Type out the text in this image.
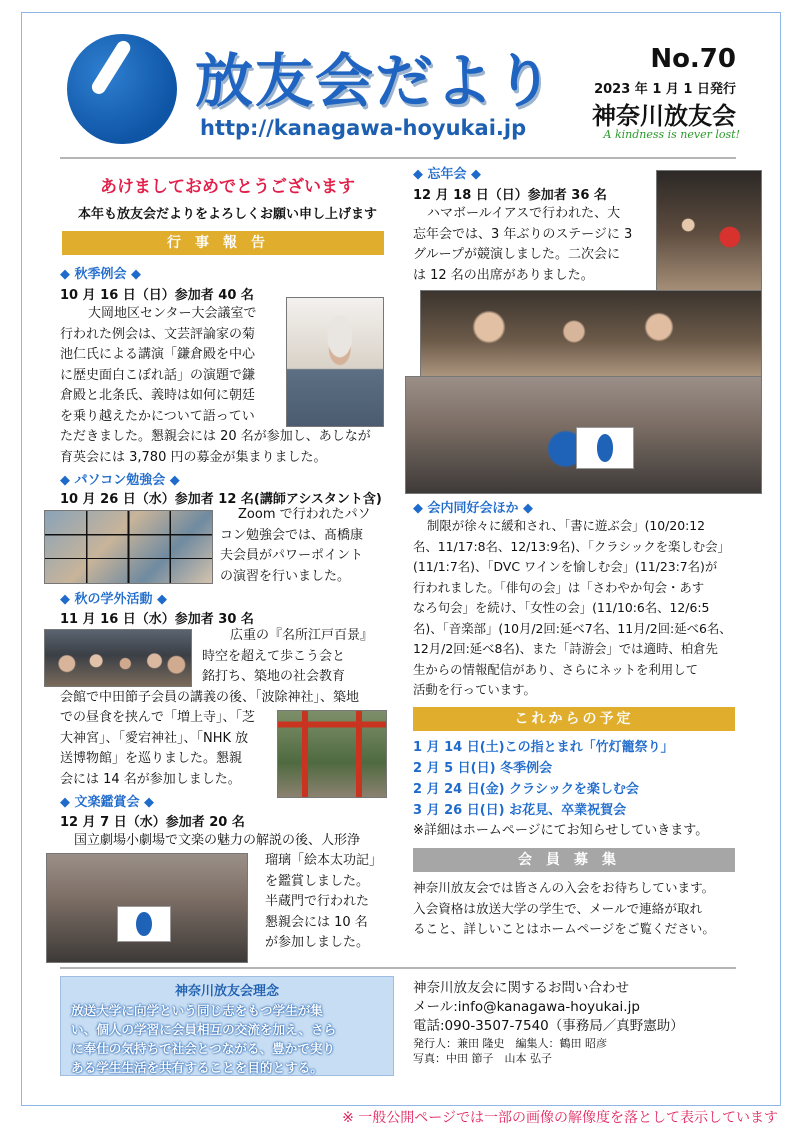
放友会だより
http://kanagawa-hoyukai.jp
No.70
2023 年 1 月 1 日発行
神奈川放友会
A kindness is never lost!
あけましておめでとうございます
本年も放友会だよりをよろしくお願い申し上げます
行事報告
◆ 秋季例会 ◆
10 月 16 日（日）参加者 40 名
大岡地区センター大会議室で
行われた例会は、文芸評論家の菊
池仁氏による講演「鎌倉殿を中心
に歴史面白こぼれ話」の演題で鎌
倉殿と北条氏、義時は如何に朝廷
を乗り越えたかについて語ってい
ただきました。懇親会には 20 名が参加し、あしなが
育英会には 3,780 円の募金が集まりました。
◆ パソコン勉強会 ◆
10 月 26 日（水）参加者 12 名(講師アシスタント含)
Zoom で行われたパソ
コン勉強会では、髙橋康
夫会員がパワーポイント
の演習を行いました。
◆ 秋の学外活動 ◆
11 月 16 日（水）参加者 30 名
広重の『名所江戸百景』
時空を超えて歩こう会と
銘打ち、築地の社会教育
会館で中田節子会員の講義の後、「波除神社」、築地
での昼食を挟んで「増上寺」、「芝
大神宮」、「愛宕神社」、「NHK 放
送博物館」を巡りました。懇親
会には 14 名が参加しました。
◆ 文楽鑑賞会 ◆
12 月 7 日（水）参加者 20 名
国立劇場小劇場で文楽の魅力の解説の後、人形浄
瑠璃「絵本太功記」
を鑑賞しました。
半蔵門で行われた
懇親会には 10 名
が参加しました。
◆ 忘年会 ◆
12 月 18 日（日）参加者 36 名
ハマボールイアスで行われた、大
忘年会では、3 年ぶりのステージに 3
グループが競演しました。二次会に
は 12 名の出席がありました。
◆ 会内同好会ほか ◆
制限が徐々に緩和され、「書に遊ぶ会」(10/20:12
名、11/17:8名、12/13:9名)、「クラシックを楽しむ会」
(11/1:7名)、「DVC ワインを愉しむ会」(11/23:7名)が
行われました。「俳句の会」は「さわやか句会・あす
なろ句会」を続け、「女性の会」(11/10:6名、12/6:5
名)、「音楽部」(10月/2回:延べ7名、11月/2回:延べ6名、
12月/2回:延べ8名)、また「詩游会」では適時、柏倉先
生からの情報配信があり、さらにネットを利用して
活動を行っています。
これからの予定
1 月 14 日(土)この指とまれ「竹灯籠祭り」
2 月 5 日(日) 冬季例会
2 月 24 日(金) クラシックを楽しむ会
3 月 26 日(日) お花見、卒業祝賀会
※詳細はホームページにてお知らせしていきます。
会員募集
神奈川放友会では皆さんの入会をお待ちしています。
入会資格は放送大学の学生で、メールで連絡が取れ
ること、詳しいことはホームページをご覧ください。
神奈川放友会理念
放送大学に向学という同じ志をもつ学生が集
い、個人の学習に会員相互の交流を加え、さら
に奉仕の気持ちで社会とつながる、豊かで実り
ある学生生活を共有することを目的とする。
神奈川放友会に関するお問い合わせ
メール:info@kanagawa-hoyukai.jp
電話:090-3507-7540（事務局／真野憲助）
発行人：兼田 隆史　編集人：鶴田 昭彦
写真：中田 節子　山本 弘子
※ 一般公開ページでは一部の画像の解像度を落として表示しています
